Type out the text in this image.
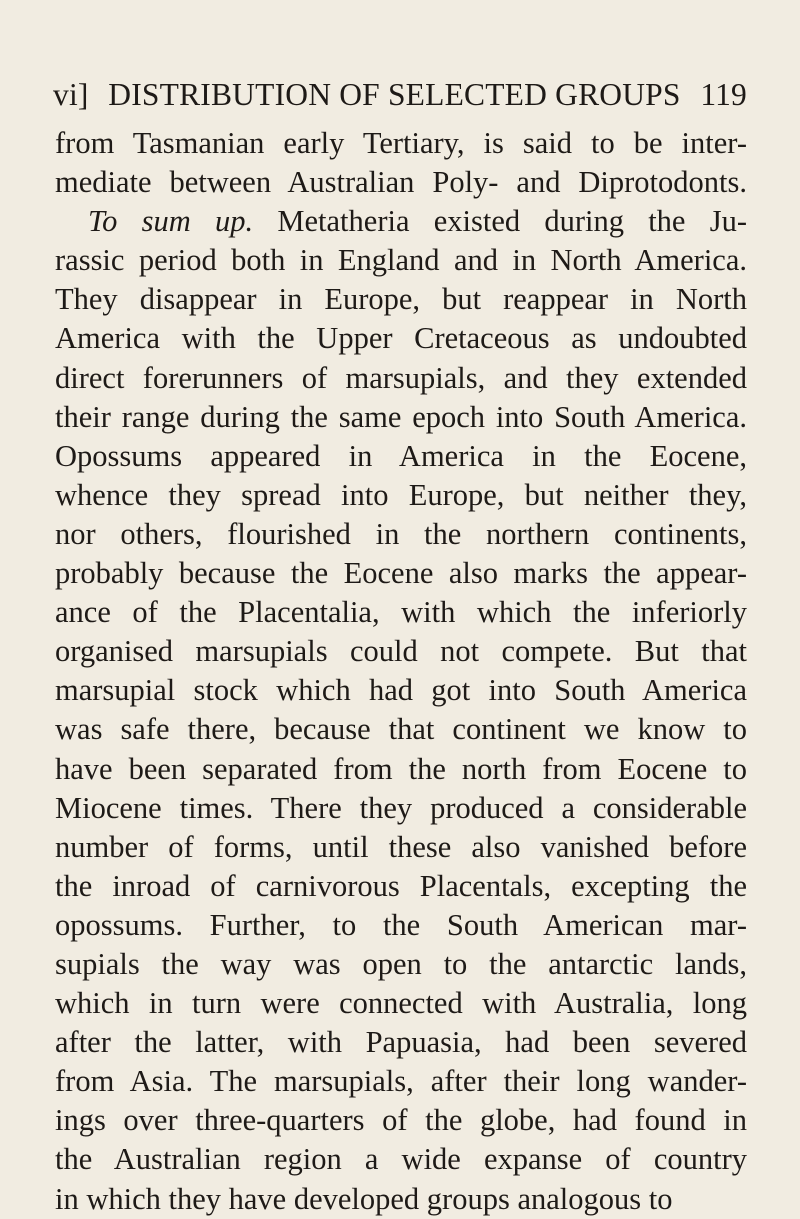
vi] DISTRIBUTION OF SELECTED GROUPS 119
from Tasmanian early Tertiary, is said to be inter-
mediate between Australian Poly- and Diprotodonts.
To sum up. Metatheria existed during the Ju-
rassic period both in England and in North America.
They disappear in Europe, but reappear in North
America with the Upper Cretaceous as undoubted
direct forerunners of marsupials, and they extended
their range during the same epoch into South America.
Opossums appeared in America in the Eocene,
whence they spread into Europe, but neither they,
nor others, flourished in the northern continents,
probably because the Eocene also marks the appear-
ance of the Placentalia, with which the inferiorly
organised marsupials could not compete. But that
marsupial stock which had got into South America
was safe there, because that continent we know to
have been separated from the north from Eocene to
Miocene times. There they produced a considerable
number of forms, until these also vanished before
the inroad of carnivorous Placentals, excepting the
opossums. Further, to the South American mar-
supials the way was open to the antarctic lands,
which in turn were connected with Australia, long
after the latter, with Papuasia, had been severed
from Asia. The marsupials, after their long wander-
ings over three-quarters of the globe, had found in
the Australian region a wide expanse of country
in which they have developed groups analogous to
